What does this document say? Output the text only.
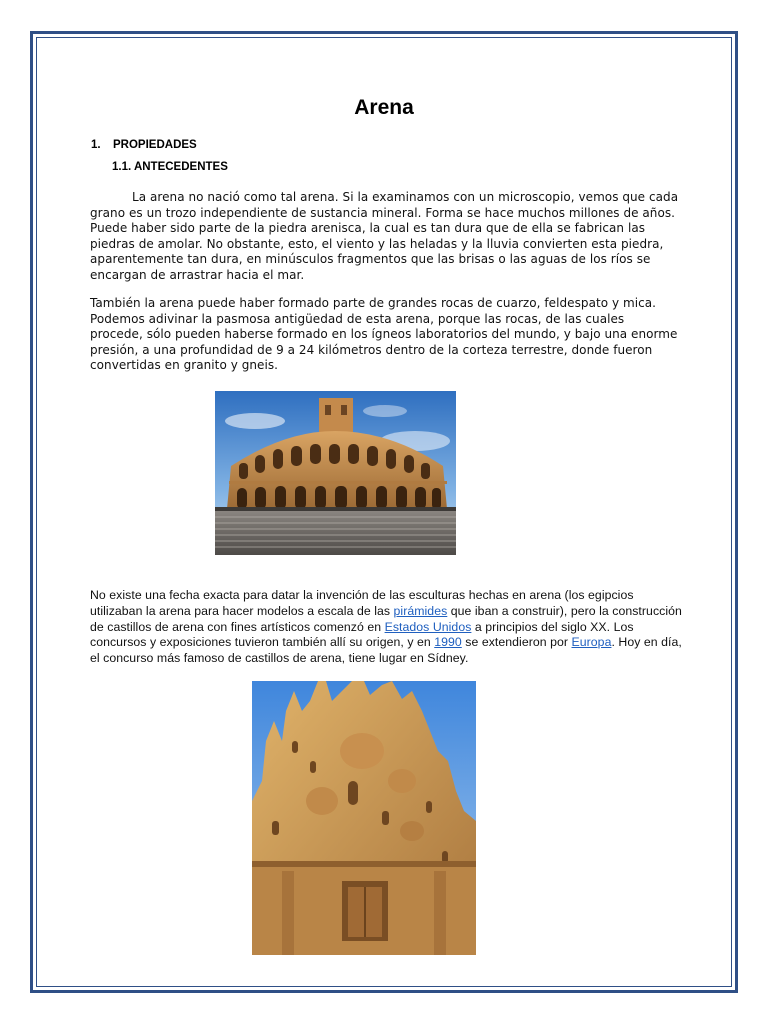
Arena
1. PROPIEDADES
1.1. ANTECEDENTES
La arena no nació como tal arena. Si la examinamos con un microscopio, vemos que cada grano es un trozo independiente de sustancia mineral. Forma se hace muchos millones de años. Puede haber sido parte de la piedra arenisca, la cual es tan dura que de ella se fabrican las piedras de amolar. No obstante, esto, el viento y las heladas y la lluvia convierten esta piedra, aparentemente tan dura, en minúsculos fragmentos que las brisas o las aguas de los ríos se encargan de arrastrar hacia el mar.
También la arena puede haber formado parte de grandes rocas de cuarzo, feldespato y mica. Podemos adivinar la pasmosa antigüedad de esta arena, porque las rocas, de las cuales procede, sólo pueden haberse formado en los ígneos laboratorios del mundo, y bajo una enorme presión, a una profundidad de 9 a 24 kilómetros dentro de la corteza terrestre, donde fueron convertidas en granito y gneis.
No existe una fecha exacta para datar la invención de las esculturas hechas en arena (los egipcios utilizaban la arena para hacer modelos a escala de las pirámides que iban a construir), pero la construcción de castillos de arena con fines artísticos comenzó en Estados Unidos a principios del siglo XX. Los concursos y exposiciones tuvieron también allí su origen, y en 1990 se extendieron por Europa. Hoy en día, el concurso más famoso de castillos de arena, tiene lugar en Sídney.
